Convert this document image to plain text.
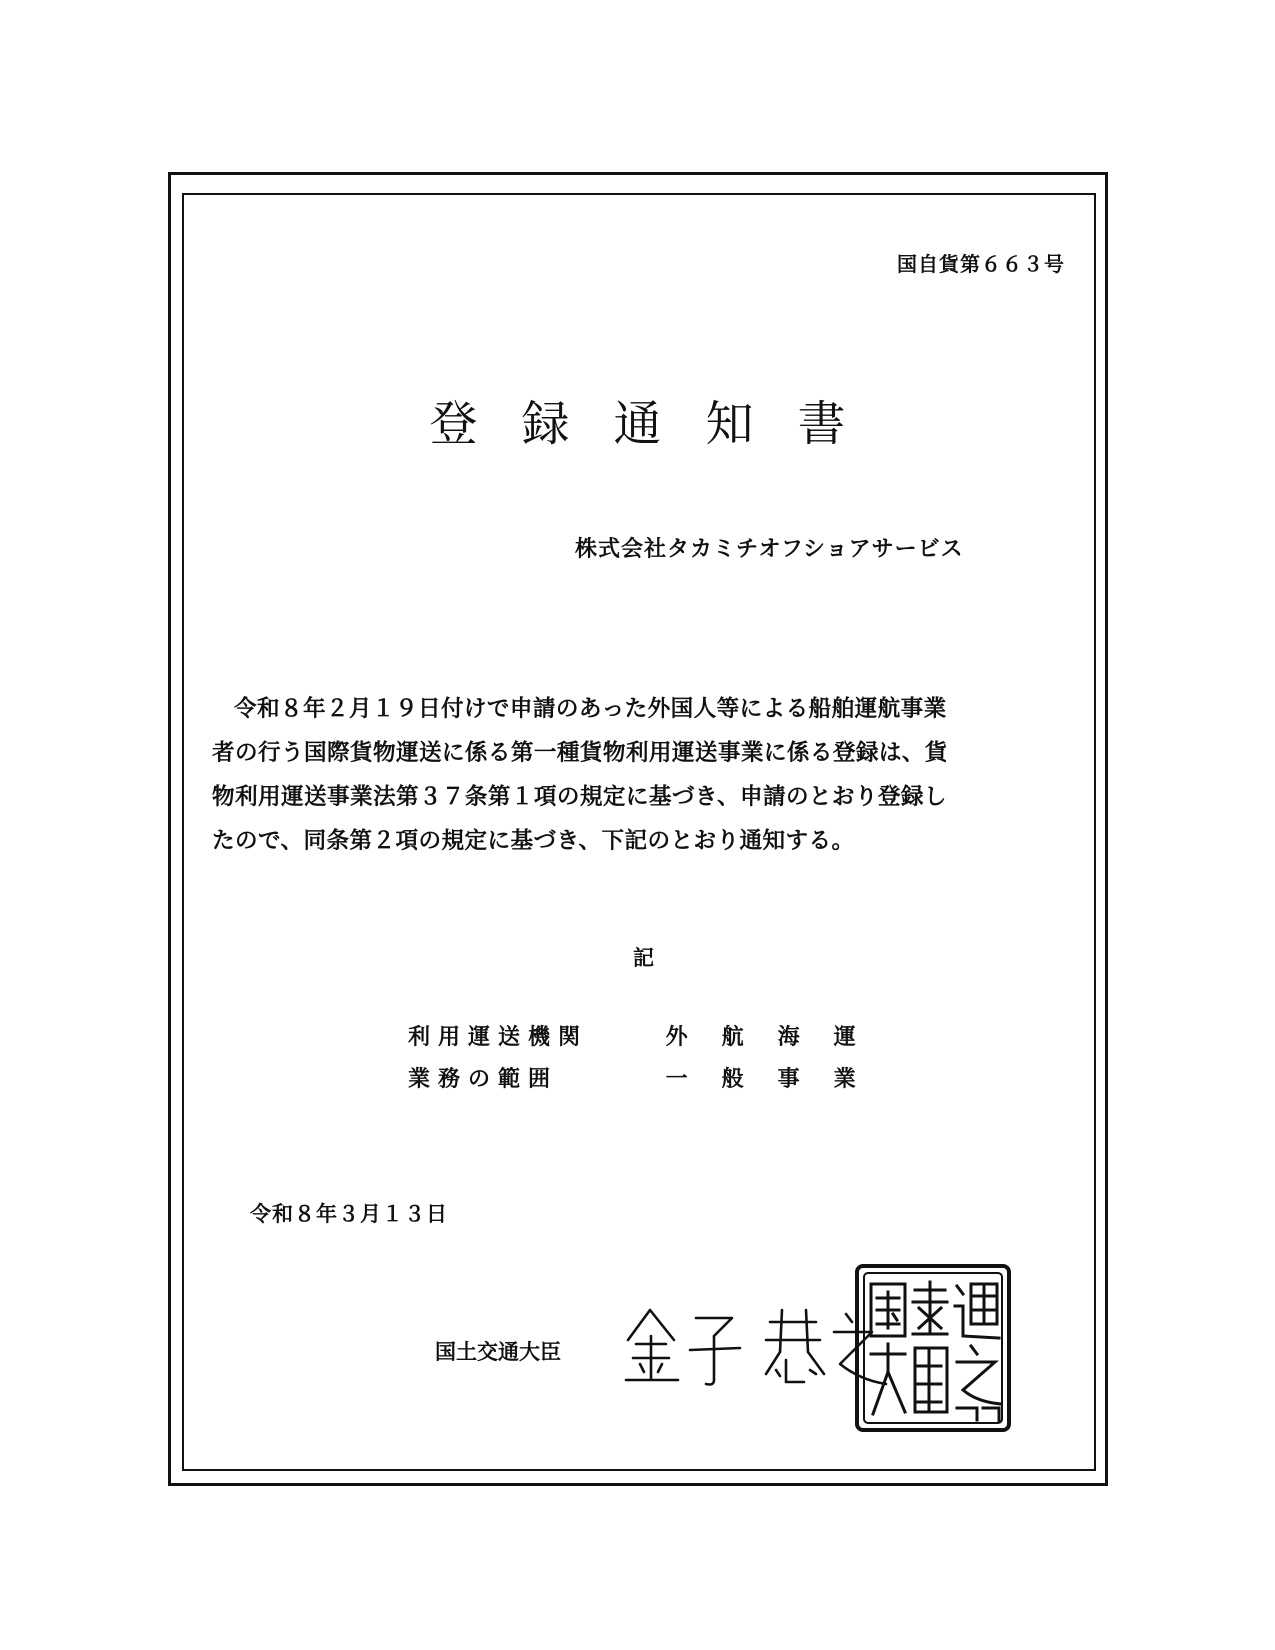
国自貨第６６３号
登録通知書
株式会社タカミチオフショアサービス
令和８年２月１９日付けで申請のあった外国人等による船舶運航事業
者の行う国際貨物運送に係る第一種貨物利用運送事業に係る登録は、貨
物利用運送事業法第３７条第１項の規定に基づき、申請のとおり登録し
たので、同条第２項の規定に基づき、下記のとおり通知する。
記
利用運送機関	外航海運
業務の範囲	一般事業
令和８年３月１３日
国土交通大臣
